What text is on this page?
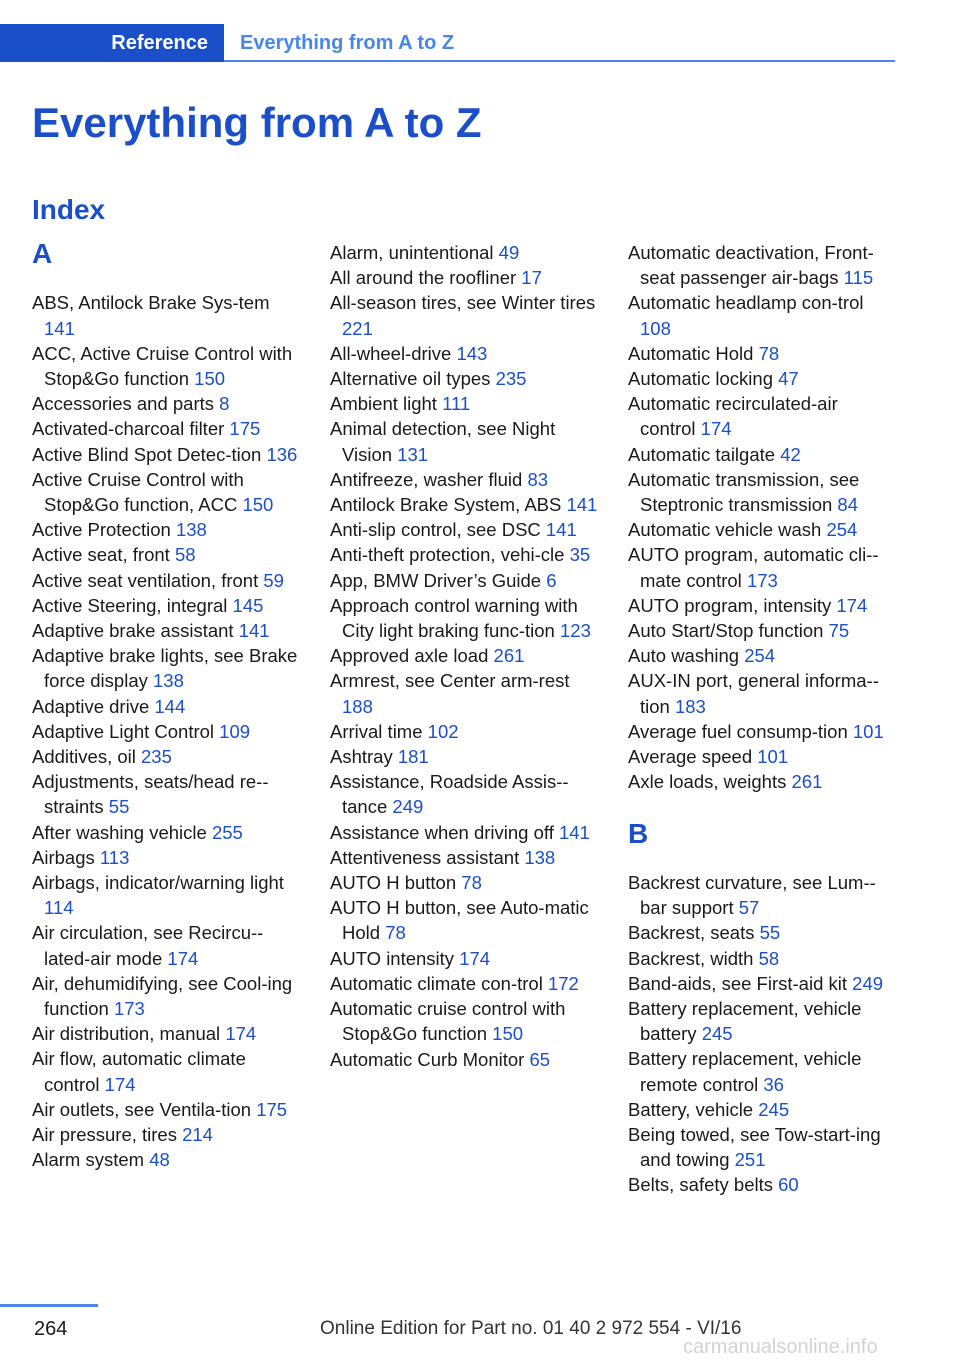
Reference	Everything from A to Z
Everything from A to Z
Index
A
ABS, Antilock Brake Sys-tem 141
ACC, Active Cruise Control with Stop&Go function 150
Accessories and parts 8
Activated-charcoal filter 175
Active Blind Spot Detec-tion 136
Active Cruise Control with Stop&Go function, ACC 150
Active Protection 138
Active seat, front 58
Active seat ventilation, front 59
Active Steering, integral 145
Adaptive brake assistant 141
Adaptive brake lights, see Brake force display 138
Adaptive drive 144
Adaptive Light Control 109
Additives, oil 235
Adjustments, seats/head re-straints 55
After washing vehicle 255
Airbags 113
Airbags, indicator/warning light 114
Air circulation, see Recircu-lated-air mode 174
Air, dehumidifying, see Cool-ing function 173
Air distribution, manual 174
Air flow, automatic climate control 174
Air outlets, see Ventila-tion 175
Air pressure, tires 214
Alarm system 48
Alarm, unintentional 49
All around the roofliner 17
All-season tires, see Winter tires 221
All-wheel-drive 143
Alternative oil types 235
Ambient light 111
Animal detection, see Night Vision 131
Antifreeze, washer fluid 83
Antilock Brake System, ABS 141
Anti-slip control, see DSC 141
Anti-theft protection, vehi-cle 35
App, BMW Driver’s Guide 6
Approach control warning with City light braking func-tion 123
Approved axle load 261
Armrest, see Center arm-rest 188
Arrival time 102
Ashtray 181
Assistance, Roadside Assis-tance 249
Assistance when driving off 141
Attentiveness assistant 138
AUTO H button 78
AUTO H button, see Auto-matic Hold 78
AUTO intensity 174
Automatic climate con-trol 172
Automatic cruise control with Stop&Go function 150
Automatic Curb Monitor 65
Automatic deactivation, Front-seat passenger air-bags 115
Automatic headlamp con-trol 108
Automatic Hold 78
Automatic locking 47
Automatic recirculated-air control 174
Automatic tailgate 42
Automatic transmission, see Steptronic transmission 84
Automatic vehicle wash 254
AUTO program, automatic cli-mate control 173
AUTO program, intensity 174
Auto Start/Stop function 75
Auto washing 254
AUX-IN port, general informa-tion 183
Average fuel consump-tion 101
Average speed 101
Axle loads, weights 261
B
Backrest curvature, see Lum-bar support 57
Backrest, seats 55
Backrest, width 58
Band-aids, see First-aid kit 249
Battery replacement, vehicle battery 245
Battery replacement, vehicle remote control 36
Battery, vehicle 245
Being towed, see Tow-start-ing and towing 251
Belts, safety belts 60
264	Online Edition for Part no. 01 40 2 972 554 - VI/16
carmanualsonline.info
